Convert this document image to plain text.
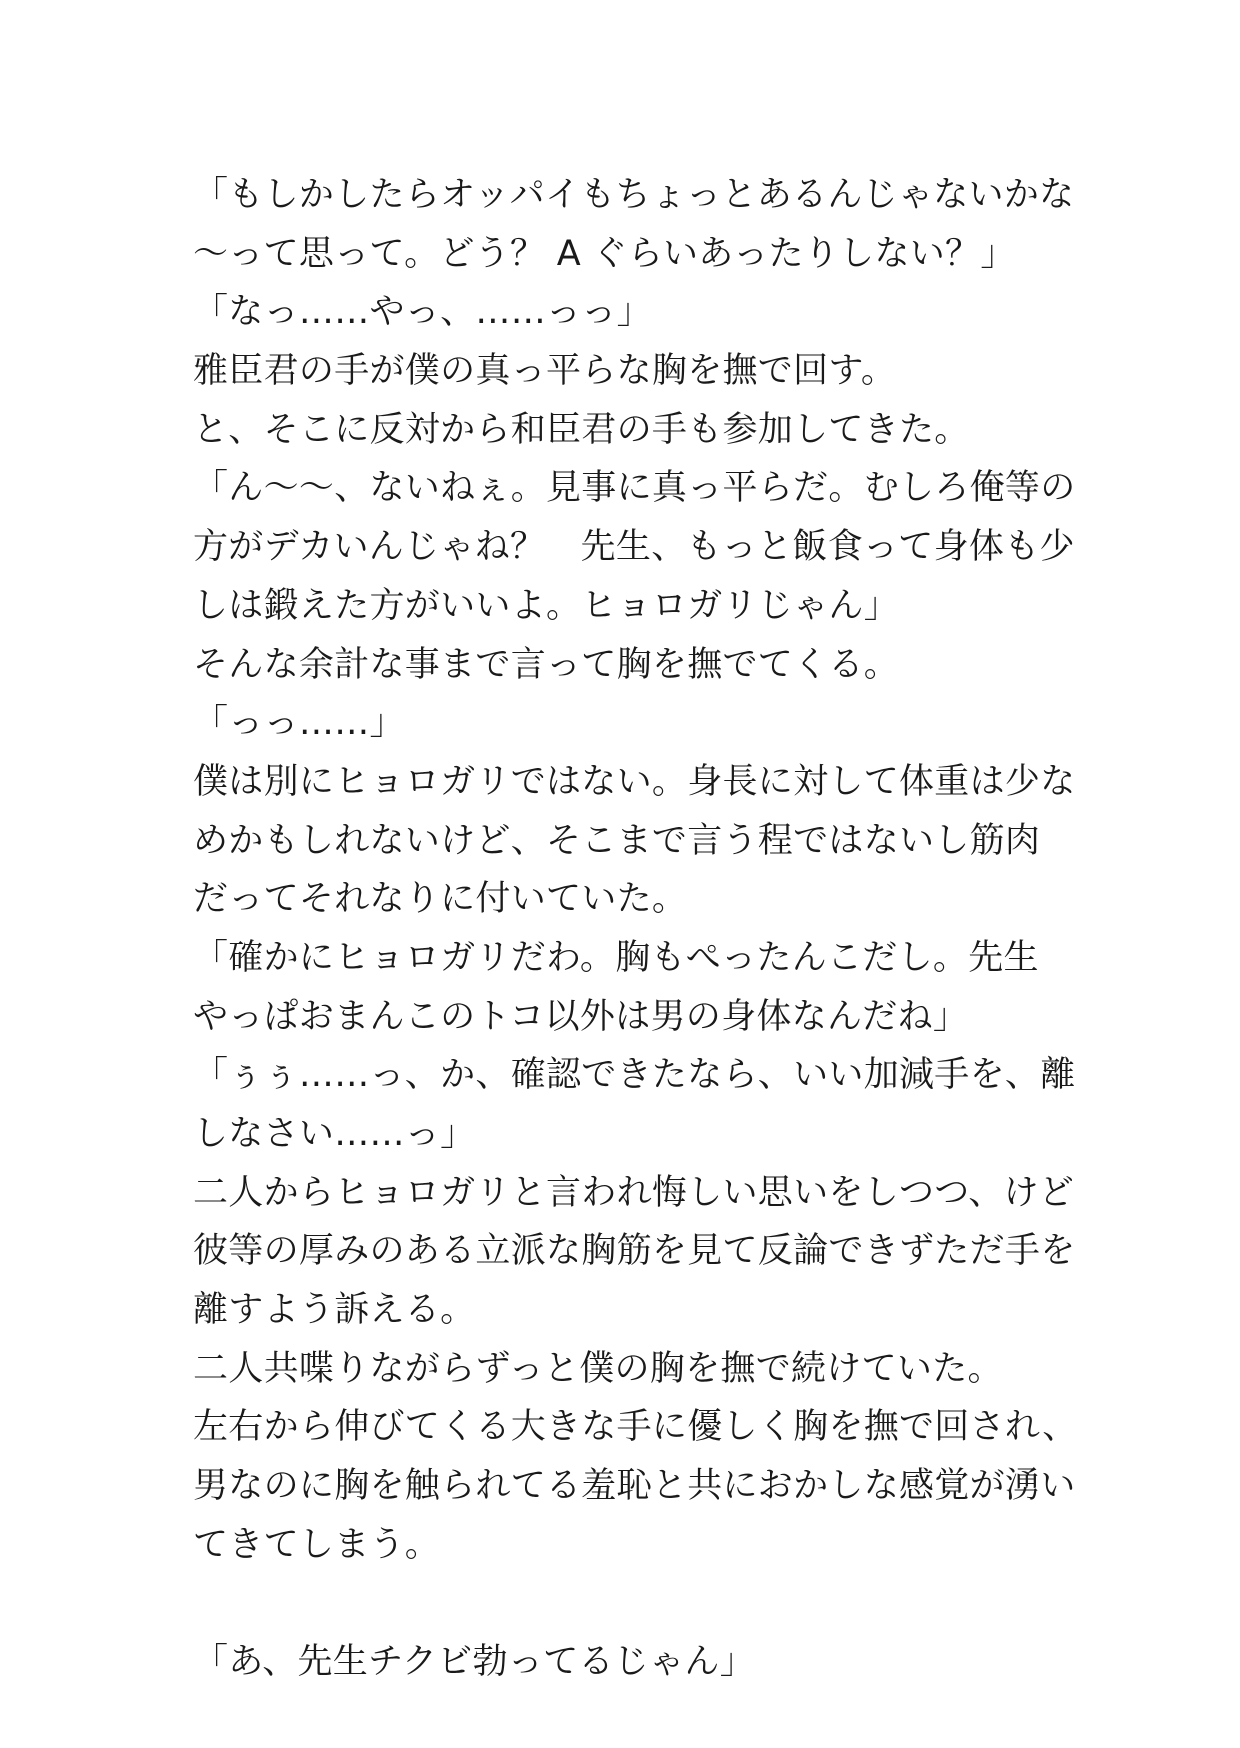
「もしかしたらオッパイもちょっとあるんじゃないかな
〜って思って。どう？ A ぐらいあったりしない？」
「なっ……やっ、……っっ」
雅臣君の手が僕の真っ平らな胸を撫で回す。
と、そこに反対から和臣君の手も参加してきた。
「ん〜〜、ないねぇ。見事に真っ平らだ。むしろ俺等の
方がデカいんじゃね？　先生、もっと飯食って身体も少
しは鍛えた方がいいよ。ヒョロガリじゃん」
そんな余計な事まで言って胸を撫でてくる。
「っっ……」
僕は別にヒョロガリではない。身長に対して体重は少な
めかもしれないけど、そこまで言う程ではないし筋肉
だってそれなりに付いていた。
「確かにヒョロガリだわ。胸もぺったんこだし。先生
やっぱおまんこのトコ以外は男の身体なんだね」
「ぅぅ……っ、か、確認できたなら、いい加減手を、離
しなさい……っ」
二人からヒョロガリと言われ悔しい思いをしつつ、けど
彼等の厚みのある立派な胸筋を見て反論できずただ手を
離すよう訴える。
二人共喋りながらずっと僕の胸を撫で続けていた。
左右から伸びてくる大きな手に優しく胸を撫で回され、
男なのに胸を触られてる羞恥と共におかしな感覚が湧い
てきてしまう。
「あ、先生チクビ勃ってるじゃん」
